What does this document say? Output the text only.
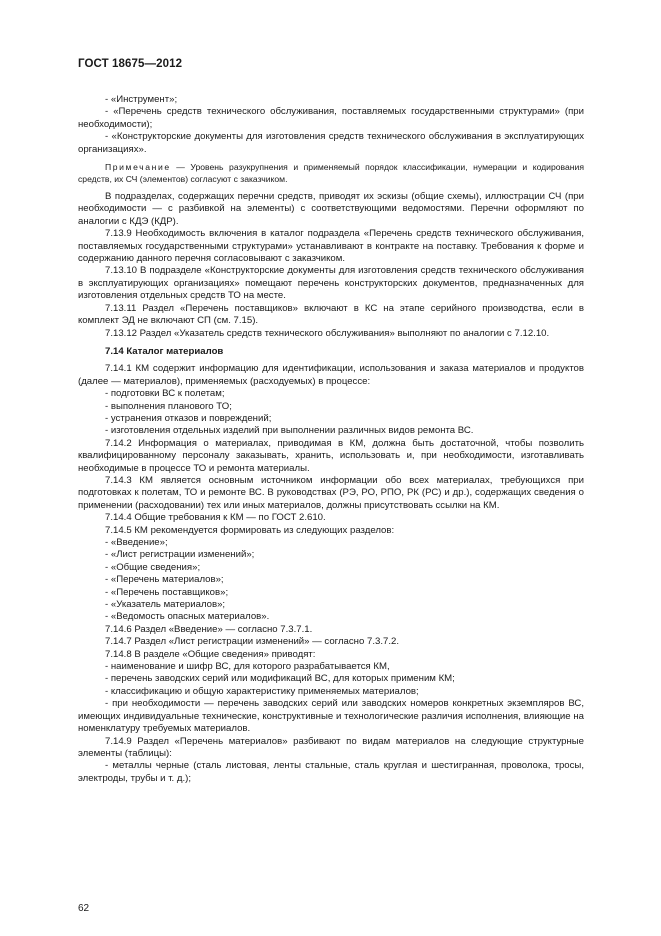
ГОСТ 18675—2012

- «Инструмент»;

- «Перечень средств технического обслуживания, поставляемых государственными структурами» (при необходимости);

- «Конструкторские документы для изготовления средств технического обслуживания в эксплуатирующих организациях».

Примечание — Уровень разукрупнения и применяемый порядок классификации, нумерации и кодирования средств, их СЧ (элементов) согласуют с заказчиком.

В подразделах, содержащих перечни средств, приводят их эскизы (общие схемы), иллюстрации СЧ (при необходимости — с разбивкой на элементы) с соответствующими ведомостями. Перечни оформляют по аналогии с КДЭ (КДР).

7.13.9 Необходимость включения в каталог подраздела «Перечень средств технического обслуживания, поставляемых государственными структурами» устанавливают в контракте на поставку. Требования к форме и содержанию данного перечня согласовывают с заказчиком.

7.13.10 В подразделе «Конструкторские документы для изготовления средств технического обслуживания в эксплуатирующих организациях» помещают перечень конструкторских документов, предназначенных для изготовления отдельных средств ТО на месте.

7.13.11 Раздел «Перечень поставщиков» включают в КС на этапе серийного производства, если в комплект ЭД не включают СП (см. 7.15).

7.13.12 Раздел «Указатель средств технического обслуживания» выполняют по аналогии с 7.12.10.

7.14 Каталог материалов

7.14.1 КМ содержит информацию для идентификации, использования и заказа материалов и продуктов (далее — материалов), применяемых (расходуемых) в процессе:

- подготовки ВС к полетам;

- выполнения планового ТО;

- устранения отказов и повреждений;

- изготовления отдельных изделий при выполнении различных видов ремонта ВС.

7.14.2 Информация о материалах, приводимая в КМ, должна быть достаточной, чтобы позволить квалифицированному персоналу заказывать, хранить, использовать и, при необходимости, изготавливать необходимые в процессе ТО и ремонта материалы.

7.14.3 КМ является основным источником информации обо всех материалах, требующихся при подготовках к полетам, ТО и ремонте ВС. В руководствах (РЭ, РО, РПО, РК (РС) и др.), содержащих сведения о применении (расходовании) тех или иных материалов, должны присутствовать ссылки на КМ.

7.14.4 Общие требования к КМ — по ГОСТ 2.610.

7.14.5 КМ рекомендуется формировать из следующих разделов:

- «Введение»;

- «Лист регистрации изменений»;

- «Общие сведения»;

- «Перечень материалов»;

- «Перечень поставщиков»;

- «Указатель материалов»;

- «Ведомость опасных материалов».

7.14.6 Раздел «Введение» — согласно 7.3.7.1.

7.14.7 Раздел «Лист регистрации изменений» — согласно 7.3.7.2.

7.14.8 В разделе «Общие сведения» приводят:

- наименование и шифр ВС, для которого разрабатывается КМ,

- перечень заводских серий или модификаций ВС, для которых применим КМ;

- классификацию и общую характеристику применяемых материалов;

- при необходимости — перечень заводских серий или заводских номеров конкретных экземпляров ВС, имеющих индивидуальные технические, конструктивные и технологические различия исполнения, влияющие на номенклатуру требуемых материалов.

7.14.9 Раздел «Перечень материалов» разбивают по видам материалов на следующие структурные элементы (таблицы):

- металлы черные (сталь листовая, ленты стальные, сталь круглая и шестигранная, проволока, тросы, электроды, трубы и т. д.);

62
